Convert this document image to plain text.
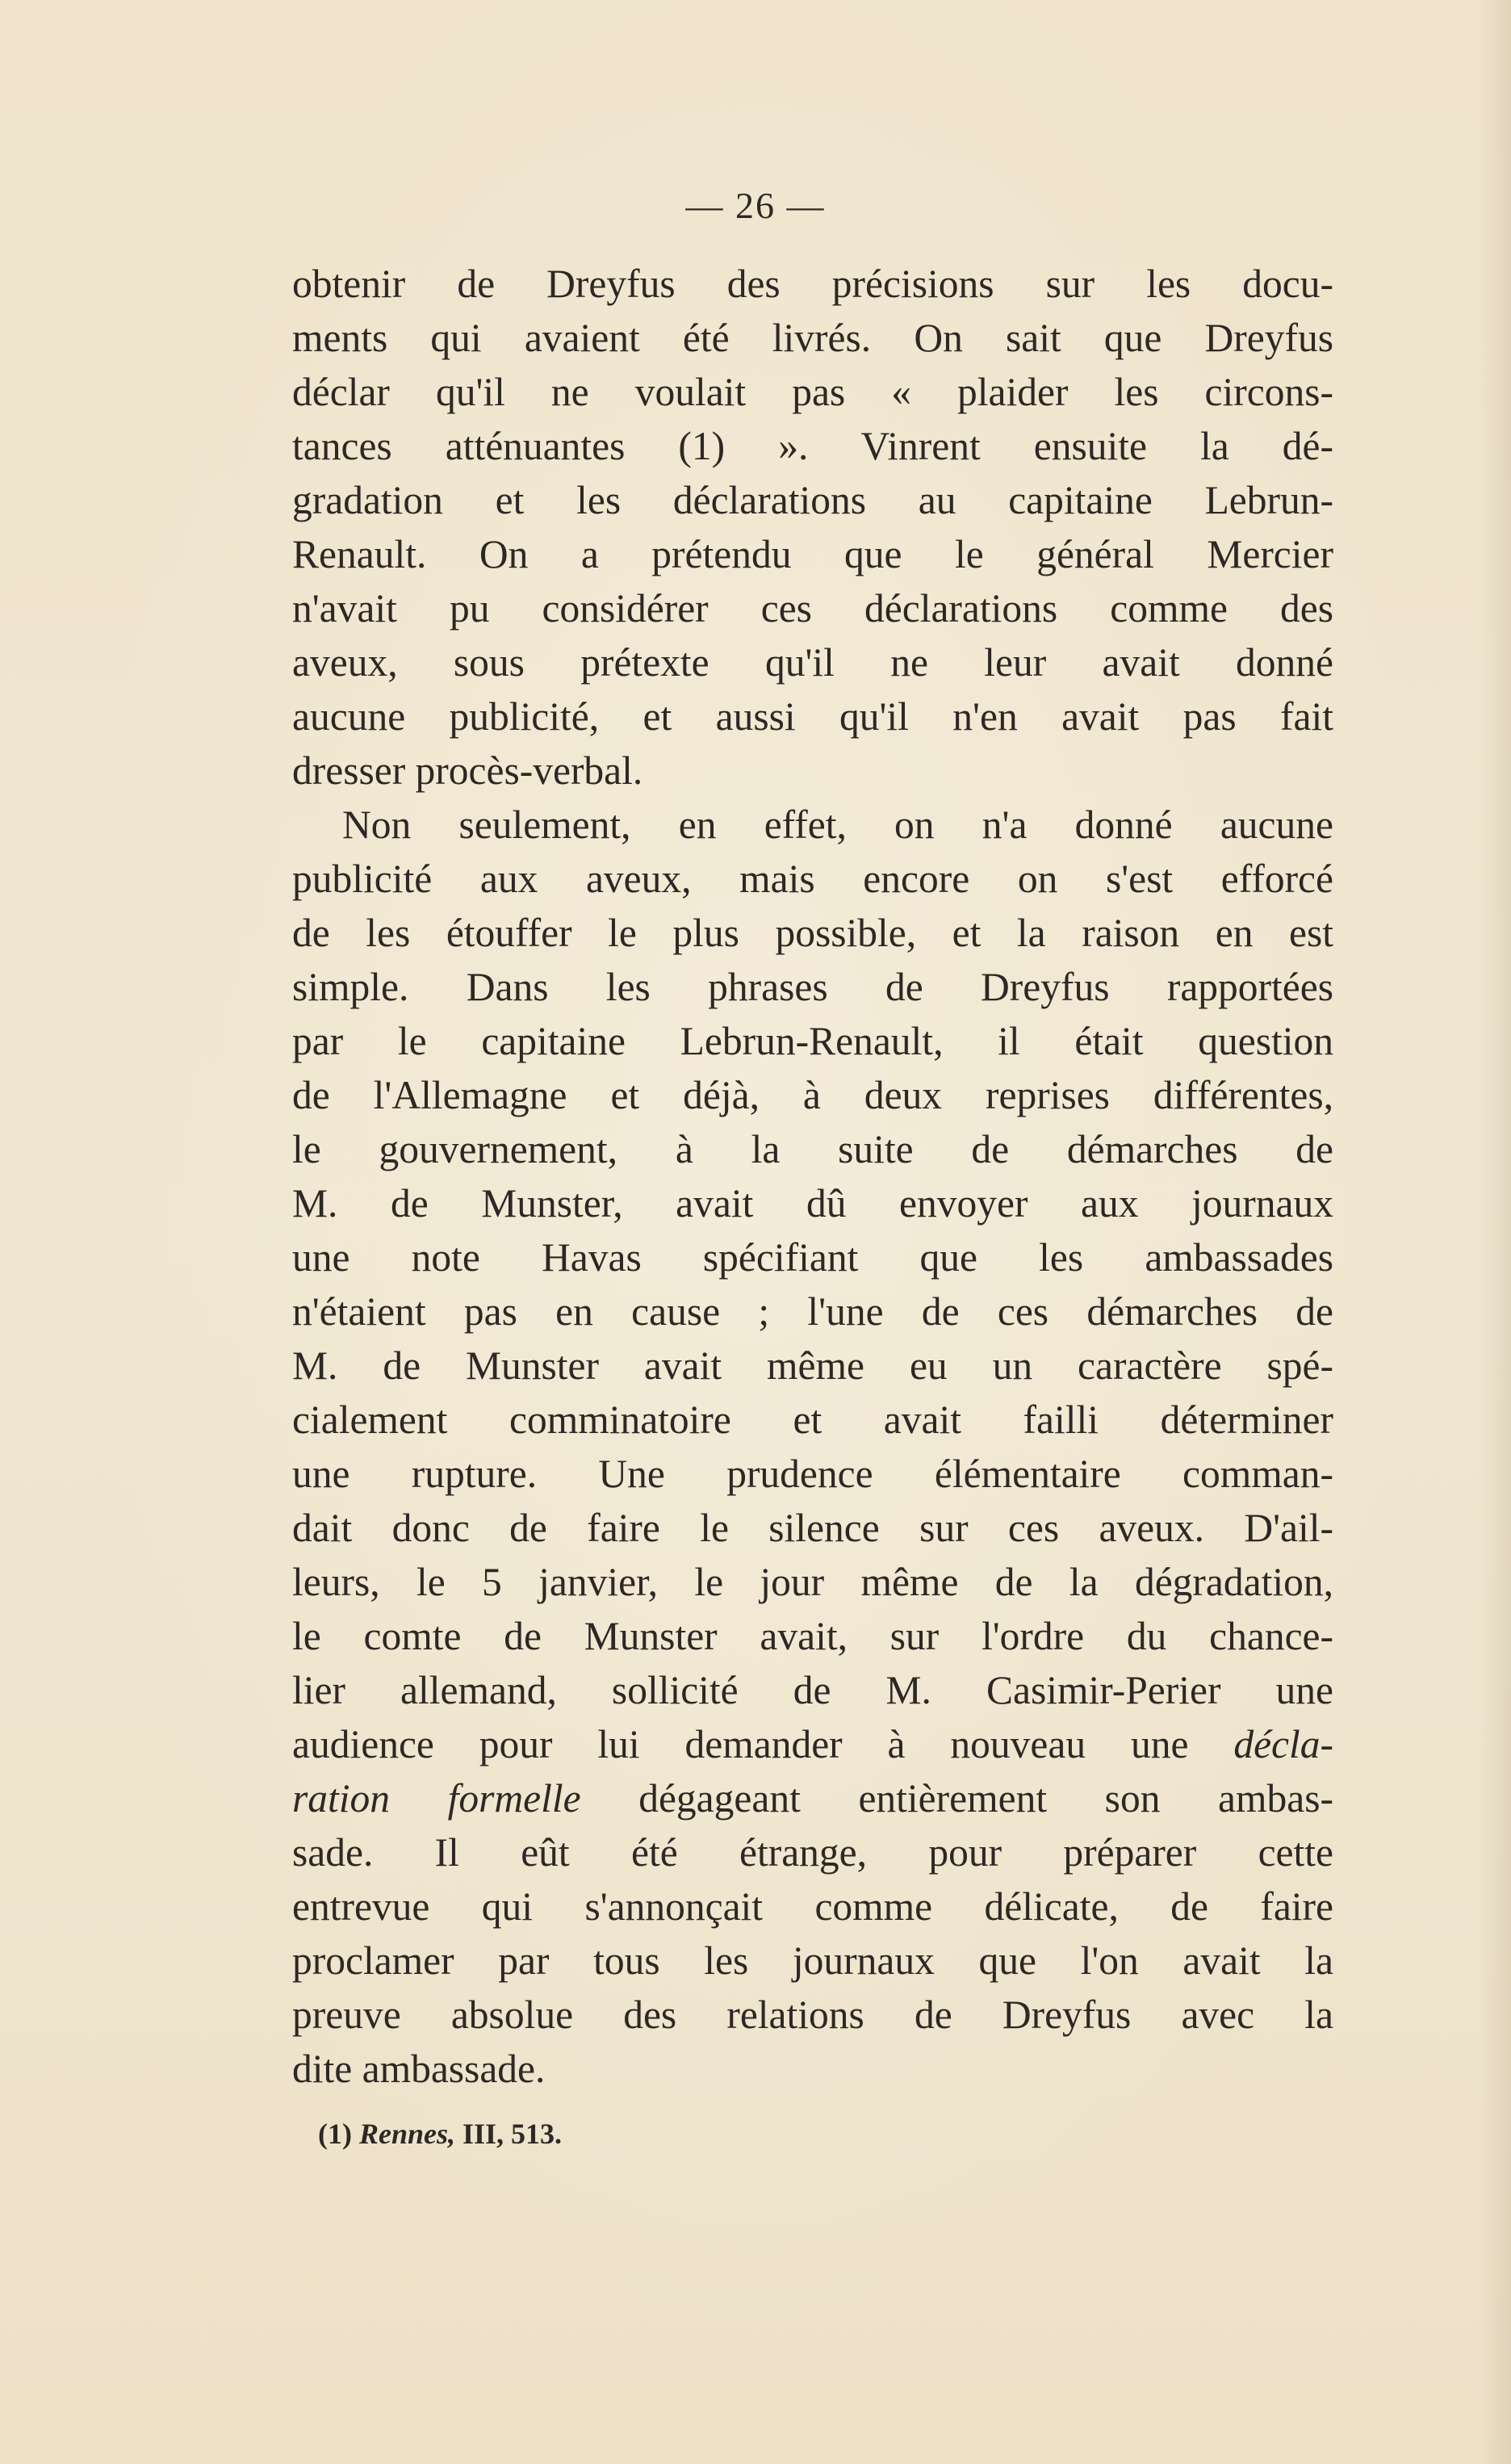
— 26 —
obtenir de Dreyfus des précisions sur les docu-
ments qui avaient été livrés. On sait que Dreyfus
déclar qu'il ne voulait pas « plaider les circons-
tances atténuantes (1) ». Vinrent ensuite la dé-
gradation et les déclarations au capitaine Lebrun-
Renault. On a prétendu que le général Mercier
n'avait pu considérer ces déclarations comme des
aveux, sous prétexte qu'il ne leur avait donné
aucune publicité, et aussi qu'il n'en avait pas fait
dresser procès-verbal.
Non seulement, en effet, on n'a donné aucune
publicité aux aveux, mais encore on s'est efforcé
de les étouffer le plus possible, et la raison en est
simple. Dans les phrases de Dreyfus rapportées
par le capitaine Lebrun-Renault, il était question
de l'Allemagne et déjà, à deux reprises différentes,
le gouvernement, à la suite de démarches de
M. de Munster, avait dû envoyer aux journaux
une note Havas spécifiant que les ambassades
n'étaient pas en cause ; l'une de ces démarches de
M. de Munster avait même eu un caractère spé-
cialement comminatoire et avait failli déterminer
une rupture. Une prudence élémentaire comman-
dait donc de faire le silence sur ces aveux. D'ail-
leurs, le 5 janvier, le jour même de la dégradation,
le comte de Munster avait, sur l'ordre du chance-
lier allemand, sollicité de M. Casimir-Perier une
audience pour lui demander à nouveau une décla-
ration formelle dégageant entièrement son ambas-
sade. Il eût été étrange, pour préparer cette
entrevue qui s'annonçait comme délicate, de faire
proclamer par tous les journaux que l'on avait la
preuve absolue des relations de Dreyfus avec la
dite ambassade.
(1) Rennes, III, 513.
